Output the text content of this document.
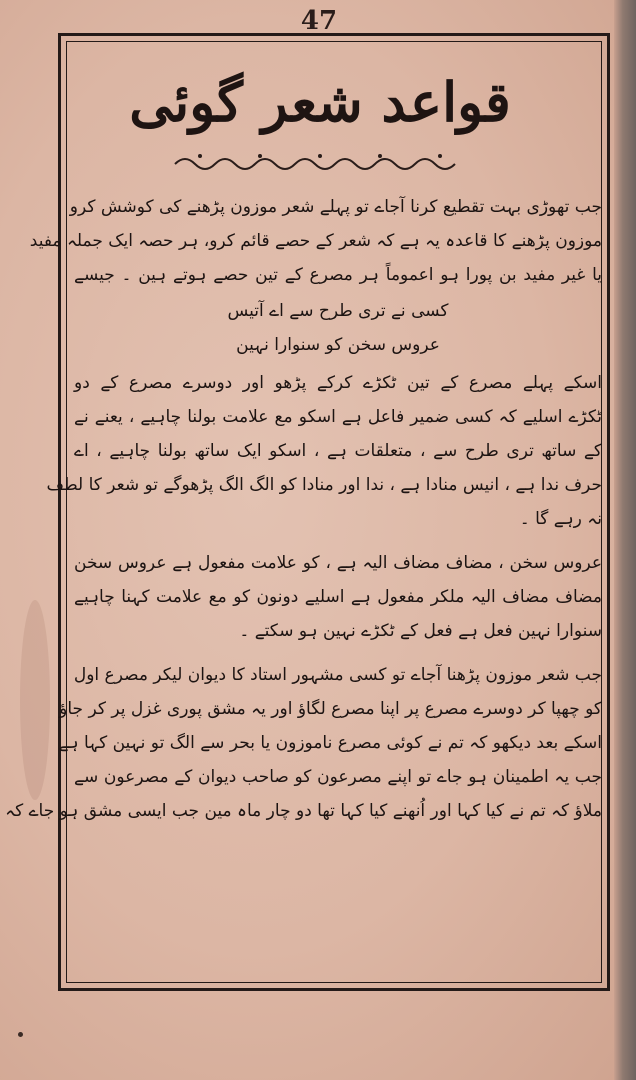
47
قواعد شعر گوئی
جب تھوڑی بہت تقطیع کرنا آجاے تو پہلے شعر موزون پڑھنے کی کوشش کرو
موزون پڑھنے کا قاعدہ یہ ہے کہ شعر کے حصے قائم کرو، ہر حصہ ایک جملہ مفید
یا غیر مفید بن پورا ہو اعموماً ہر مصرع کے تین حصے ہوتے ہین ۔ جیسے
کسی نے تری طرح سے اے آتیس
عروس سخن کو سنوارا نہین
اسکے پہلے مصرع کے تین ٹکڑے کرکے پڑھو اور دوسرے مصرع کے دو
ٹکڑے اسلیے کہ کسی ضمیر فاعل ہے اسکو مع علامت بولنا چاہیے ، یعنے نے
کے ساتھ تری طرح سے ، متعلقات ہے ، اسکو ایک ساتھ بولنا چاہیے ، اے
حرف ندا ہے ، انیس منادا ہے ، ندا اور منادا کو الگ الگ پڑھوگے تو شعر کا لطف
نہ رہے گا ۔
عروس سخن ، مضاف مضاف الیہ ہے ، کو علامت مفعول ہے عروس سخن
مضاف مضاف الیہ ملکر مفعول ہے اسلیے دونون کو مع علامت کہنا چاہیے
سنوارا نہین فعل ہے فعل کے ٹکڑے نہین ہو سکتے ۔
جب شعر موزون پڑھنا آجاے تو کسی مشہور استاد کا دیوان لیکر مصرع اول
کو چھپا کر دوسرے مصرع پر اپنا مصرع لگاؤ اور یہ مشق پوری غزل پر کر جاؤ
اسکے بعد دیکھو کہ تم نے کوئی مصرع ناموزون یا بحر سے الگ تو نہین کہا ہے
جب یہ اطمینان ہو جاے تو اپنے مصرعون کو صاحب دیوان کے مصرعون سے
ملاؤ کہ تم نے کیا کہا اور اُنھنے کیا کہا تھا دو چار ماہ مین جب ایسی مشق ہو جاے کہ
